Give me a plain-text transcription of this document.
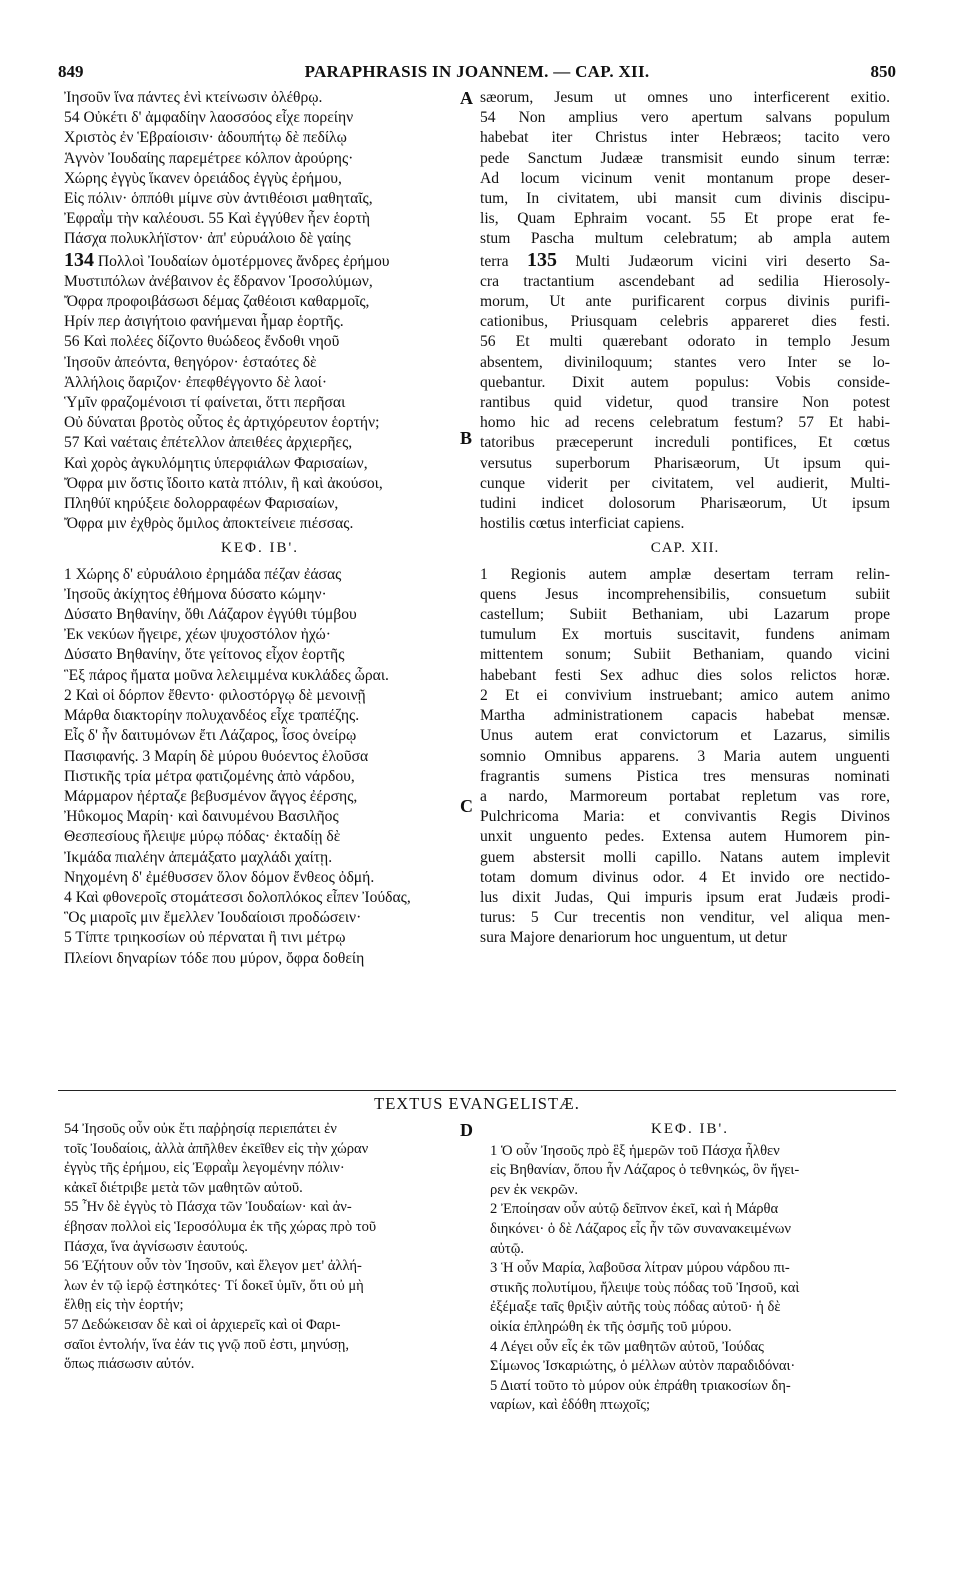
849	PARAPHRASIS IN JOANNEM. — CAP. XII.	850
A
B
C
D
Ἰησοῦν ἵνα πάντες ἑνὶ κτείνωσιν ὀλέθρῳ.
54 Οὐκέτι δ' ἀμφαδίην λαοσσόος εἶχε πορείην
Χριστὸς ἐν Ἑβραίοισιν· ἀδουπήτῳ δὲ πεδίλῳ
Ἁγνὸν Ἰουδαίης παρεμέτρεε κόλπον ἀρούρης·
Χώρης ἐγγὺς ἵκανεν ὀρειάδος ἐγγὺς ἐρήμου,
Εἰς πόλιν· ὁππόθι μίμνε σὺν ἀντιθέοισι μαθηταῖς,
Ἐφραῒμ τὴν καλέουσι. 55 Καὶ ἐγγύθεν ἦεν ἑορτὴ
Πάσχα πολυκλήϊστον· ἀπ' εὐρυάλοιο δὲ γαίης
134 Πολλοὶ Ἰουδαίων ὁμοτέρμονες ἄνδρες ἐρήμου
Μυστιπόλων ἀνέβαινον ἐς ἕδρανον Ἱροσολύμων,
Ὄφρα προφοιβάσωσι δέμας ζαθέοισι καθαρμοῖς,
Ηρίν περ ἀσιγήτοιο φανήμεναι ἦμαρ ἑορτῆς.
56 Καὶ πολέες δίζοντο θυώδεος ἔνδοθι νηοῦ
Ἰησοῦν ἀπεόντα, θεηγόρον· ἑσταότες δὲ
Ἀλλήλοις ὄαριζον· ἐπεφθέγγοντο δὲ λαοί·
Ὑμῖν φραζομένοισι τί φαίνεται, ὅττι περῆσαι
Οὐ δύναται βροτὸς οὗτος ἐς ἀρτιχόρευτον ἑορτήν;
57 Καὶ ναέταις ἐπέτελλον ἀπειθέες ἀρχιερῆες,
Καὶ χορὸς ἀγκυλόμητις ὑπερφιάλων Φαρισαίων,
Ὄφρα μιν ὅστις ἴδοιτο κατὰ πτόλιν, ἢ καὶ ἀκούσοι,
Πληθύϊ κηρύξειε δολορραφέων Φαρισαίων,
Ὄφρα μιν ἐχθρὸς ὅμιλος ἀποκτείνειε πιέσσας.
ΚΕΦ. ΙΒ'.
1 Χώρης δ' εὐρυάλοιο ἐρημάδα πέζαν ἐάσας
Ἰησοῦς ἀκίχητος ἐθήμονα δύσατο κώμην·
Δύσατο Βηθανίην, ὅθι Λάζαρον ἐγγύθι τύμβου
Ἐκ νεκύων ἤγειρε, χέων ψυχοστόλον ἠχώ·
Δύσατο Βηθανίην, ὅτε γείτονος εἶχον ἑορτῆς
Ἓξ πάρος ἤματα μοῦνα λελειμμένα κυκλάδες ὧραι.
2 Καὶ οἱ δόρπον ἔθεντο· φιλοστόργῳ δὲ μενοινῇ
Μάρθα διακτορίην πολυχανδέος εἶχε τραπέζης.
Εἷς δ' ἦν δαιτυμόνων ἔτι Λάζαρος, ἶσος ὀνείρῳ
Πασιφανής. 3 Μαρίη δὲ μύρου θυόεντος ἑλοῦσα
Πιστικῆς τρία μέτρα φατιζομένης ἀπὸ νάρδου,
Μάρμαρον ἠέρταζε βεβυσμένον ἄγγος ἐέρσης,
Ἠΰκομος Μαρίη· καὶ δαινυμένου Βασιλῆος
Θεσπεσίους ἤλειψε μύρῳ πόδας· ἐκταδίῃ δὲ
Ἰκμάδα πιαλέην ἀπεμάξατο μαχλάδι χαίτῃ.
Νηχομένη δ' ἐμέθυσσεν ὅλον δόμον ἔνθεος ὀδμή.
4 Καὶ φθονεροῖς στομάτεσσι δολοπλόκος εἶπεν Ἰούδας,
Ὃς μιαροῖς μιν ἔμελλεν Ἰουδαίοισι προδώσειν·
5 Τίπτε τριηκοσίων οὐ πέρναται ἢ τινι μέτρῳ
Πλείονι δηναρίων τόδε που μύρον, ὄφρα δοθείη
sæorum, Jesum ut omnes uno interficerent exitio.
54 Non amplius vero apertum salvans populum
habebat iter Christus inter Hebræos; tacito vero
pede Sanctum Judææ transmisit eundo sinum terræ:
Ad locum vicinum venit montanum prope deser-
tum, In civitatem, ubi mansit cum divinis discipu-
lis, Quam Ephraim vocant. 55 Et prope erat fe-
stum Pascha multum celebratum; ab ampla autem
terra 135 Multi Judæorum vicini viri deserto Sa-
cra tractantium ascendebant ad sedilia Hierosoly-
morum, Ut ante purificarent corpus divinis purifi-
cationibus, Priusquam celebris appareret dies festi.
56 Et multi quærebant odorato in templo Jesum
absentem, diviniloquum; stantes vero Inter se lo-
quebantur. Dixit autem populus: Vobis conside-
rantibus quid videtur, quod transire Non potest
homo hic ad recens celebratum festum? 57 Et habi-
tatoribus præceperunt increduli pontifices, Et cœtus
versutus superborum Pharisæorum, Ut ipsum qui-
cunque viderit per civitatem, vel audierit, Multi-
tudini indicet dolosorum Pharisæorum, Ut ipsum
hostilis cœtus interficiat capiens.
CAP. XII.
1 Regionis autem amplæ desertam terram relin-
quens Jesus incomprehensibilis, consuetum subiit
castellum; Subiit Bethaniam, ubi Lazarum prope
tumulum Ex mortuis suscitavit, fundens animam
mittentem sonum; Subiit Bethaniam, quando vicini
habebant festi Sex adhuc dies solos relictos horæ.
2 Et ei convivium instruebant; amico autem animo
Martha administrationem capacis habebat mensæ.
Unus autem erat convictorum et Lazarus, similis
somnio Omnibus apparens. 3 Maria autem unguenti
fragrantis sumens Pistica tres mensuras nominati
a nardo, Marmoreum portabat repletum vas rore,
Pulchricoma Maria: et convivantis Regis Divinos
unxit unguento pedes. Extensa autem Humorem pin-
guem abstersit molli capillo. Natans autem implevit
totam domum divinus odor. 4 Et invido ore nectido-
lus dixit Judas, Qui impuris ipsum erat Judæis prodi-
turus: 5 Cur trecentis non venditur, vel aliqua men-
sura Majore denariorum hoc unguentum, ut detur
TEXTUS EVANGELISTÆ.
54 Ἰησοῦς οὖν οὐκ ἔτι παῤῥησίᾳ περιεπάτει ἐν
τοῖς Ἰουδαίοις, ἀλλὰ ἀπῆλθεν ἐκεῖθεν εἰς τὴν χώραν
ἐγγὺς τῆς ἐρήμου, εἰς Ἐφραῒμ λεγομένην πόλιν·
κἀκεῖ διέτριβε μετὰ τῶν μαθητῶν αὐτοῦ.
55 Ἦν δὲ ἐγγὺς τὸ Πάσχα τῶν Ἰουδαίων· καὶ ἀν-
έβησαν πολλοὶ εἰς Ἱεροσόλυμα ἐκ τῆς χώρας πρὸ τοῦ
Πάσχα, ἵνα ἁγνίσωσιν ἑαυτούς.
56 Ἐζήτουν οὖν τὸν Ἰησοῦν, καὶ ἔλεγον μετ' ἀλλή-
λων ἐν τῷ ἱερῷ ἑστηκότες· Τί δοκεῖ ὑμῖν, ὅτι οὐ μὴ
ἔλθῃ εἰς τὴν ἑορτήν;
57 Δεδώκεισαν δὲ καὶ οἱ ἀρχιερεῖς καὶ οἱ Φαρι-
σαῖοι ἐντολήν, ἵνα ἐάν τις γνῷ ποῦ ἐστι, μηνύσῃ,
ὅπως πιάσωσιν αὐτόν.
ΚΕΦ. ΙΒ'.
1 Ὁ οὖν Ἰησοῦς πρὸ ἓξ ἡμερῶν τοῦ Πάσχα ἦλθεν
εἰς Βηθανίαν, ὅπου ἦν Λάζαρος ὁ τεθνηκώς, ὃν ἤγει-
ρεν ἐκ νεκρῶν.
2 Ἐποίησαν οὖν αὐτῷ δεῖπνον ἐκεῖ, καὶ ἡ Μάρθα
διηκόνει· ὁ δὲ Λάζαρος εἷς ἦν τῶν συνανακειμένων
αὐτῷ.
3 Ἡ οὖν Μαρία, λαβοῦσα λίτραν μύρου νάρδου πι-
στικῆς πολυτίμου, ἤλειψε τοὺς πόδας τοῦ Ἰησοῦ, καὶ
ἐξέμαξε ταῖς θριξὶν αὐτῆς τοὺς πόδας αὐτοῦ· ἡ δὲ
οἰκία ἐπληρώθη ἐκ τῆς ὀσμῆς τοῦ μύρου.
4 Λέγει οὖν εἷς ἐκ τῶν μαθητῶν αὐτοῦ, Ἰούδας
Σίμωνος Ἰσκαριώτης, ὁ μέλλων αὐτὸν παραδιδόναι·
5 Διατί τοῦτο τὸ μύρον οὐκ ἐπράθη τριακοσίων δη-
ναρίων, καὶ ἐδόθη πτωχοῖς;
